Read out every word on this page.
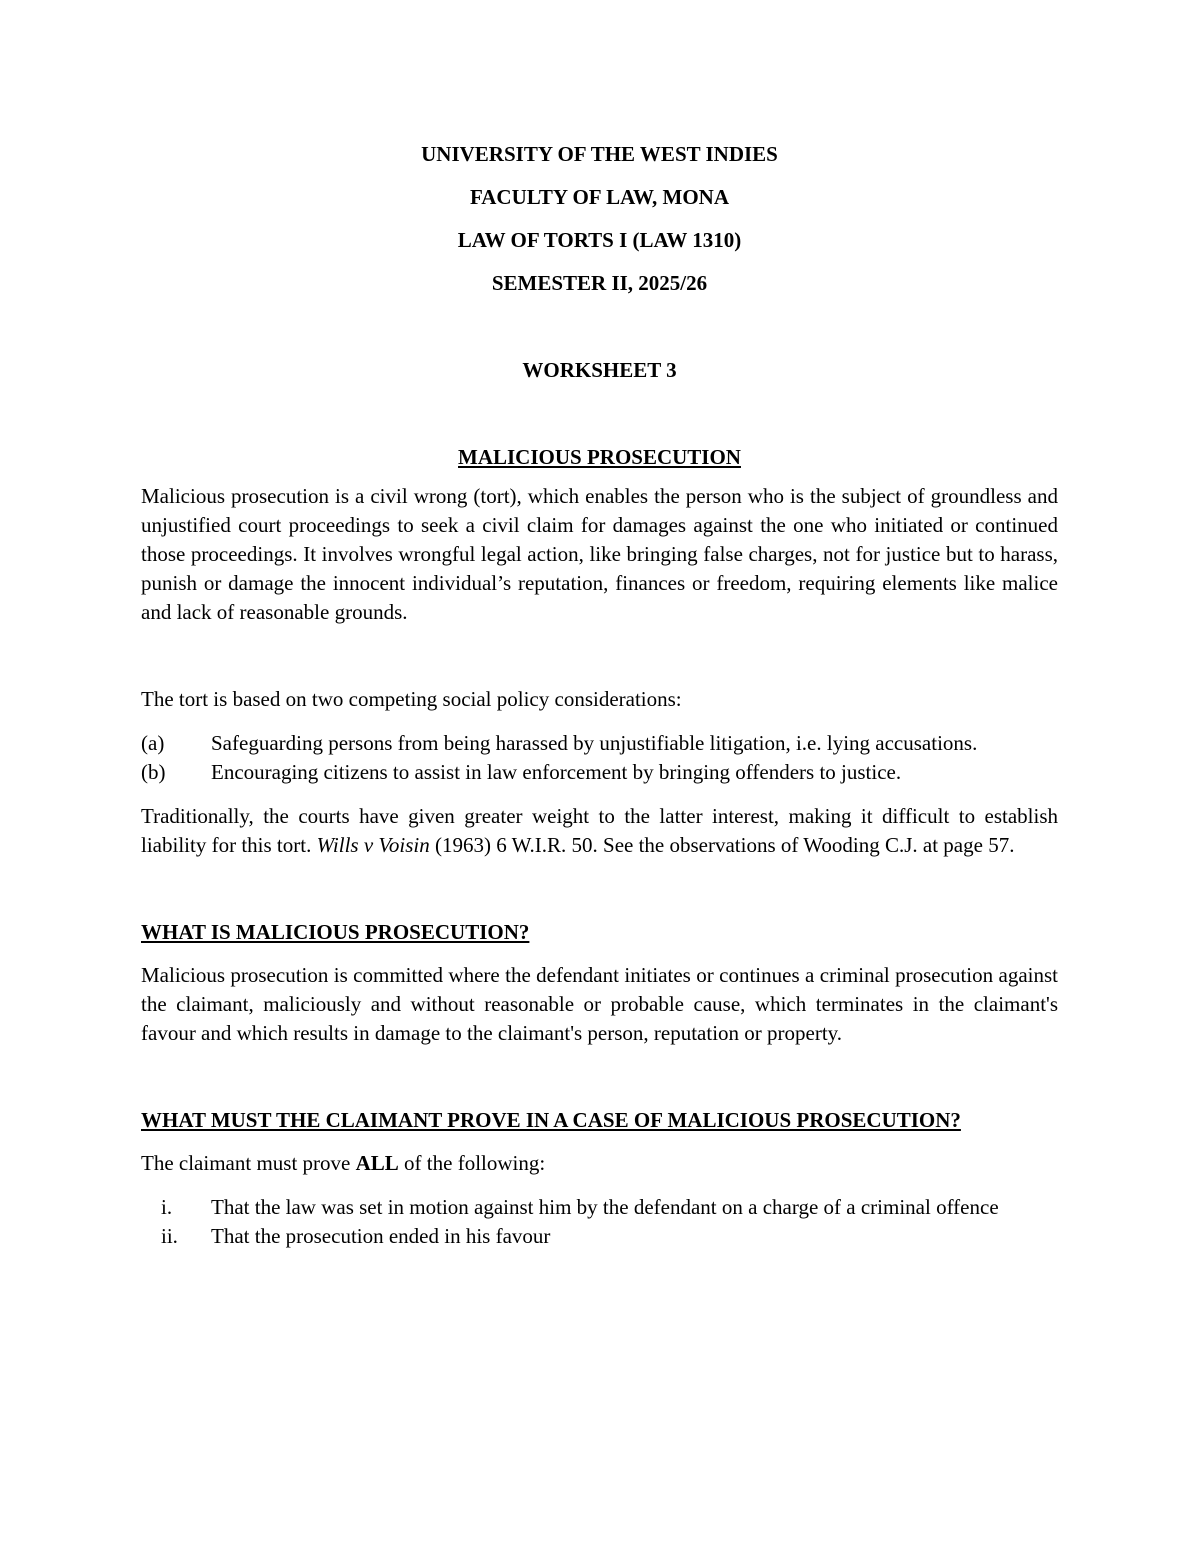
UNIVERSITY OF THE WEST INDIES

FACULTY OF LAW, MONA

LAW OF TORTS I (LAW 1310)

SEMESTER II, 2025/26

WORKSHEET 3

MALICIOUS PROSECUTION

Malicious prosecution is a civil wrong (tort), which enables the person who is the subject of groundless and unjustified court proceedings to seek a civil claim for damages against the one who initiated or continued those proceedings. It involves wrongful legal action, like bringing false charges, not for justice but to harass, punish or damage the innocent individual’s reputation, finances or freedom, requiring elements like malice and lack of reasonable grounds.

The tort is based on two competing social policy considerations:

(a)	Safeguarding persons from being harassed by unjustifiable litigation, i.e. lying accusations.
(b)	Encouraging citizens to assist in law enforcement by bringing offenders to justice.

Traditionally, the courts have given greater weight to the latter interest, making it difficult to establish liability for this tort. Wills v Voisin (1963) 6 W.I.R. 50. See the observations of Wooding C.J. at page 57.

WHAT IS MALICIOUS PROSECUTION?

Malicious prosecution is committed where the defendant initiates or continues a criminal prosecution against the claimant, maliciously and without reasonable or probable cause, which terminates in the claimant's favour and which results in damage to the claimant's person, reputation or property.

WHAT MUST THE CLAIMANT PROVE IN A CASE OF MALICIOUS PROSECUTION?

The claimant must prove ALL of the following:

i.	That the law was set in motion against him by the defendant on a charge of a criminal offence
ii.	That the prosecution ended in his favour
